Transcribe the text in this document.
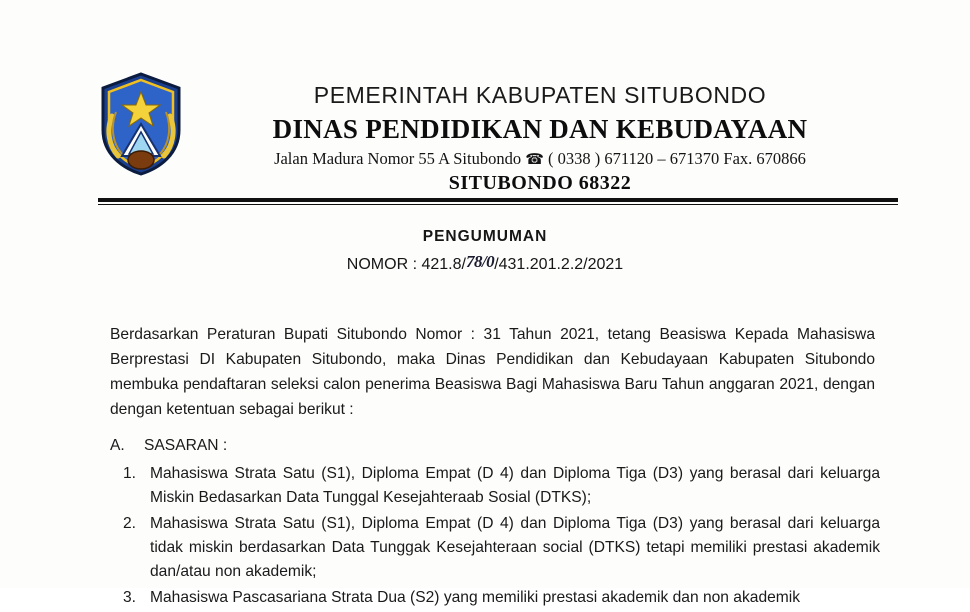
PEMERINTAH KABUPATEN SITUBONDO
DINAS PENDIDIKAN DAN KEBUDAYAAN
Jalan Madura Nomor 55 A Situbondo ☎ ( 0338 ) 671120 – 671370 Fax. 670866
SITUBONDO 68322
PENGUMUMAN
NOMOR : 421.8/78/0/431.201.2.2/2021

Berdasarkan Peraturan Bupati Situbondo Nomor : 31 Tahun 2021, tetang Beasiswa Kepada Mahasiswa Berprestasi DI Kabupaten Situbondo, maka Dinas Pendidikan dan Kebudayaan Kabupaten Situbondo membuka pendaftaran seleksi calon penerima Beasiswa Bagi Mahasiswa Baru Tahun anggaran 2021, dengan dengan ketentuan sebagai berikut :

A. SASARAN :
1. Mahasiswa Strata Satu (S1), Diploma Empat (D 4) dan Diploma Tiga (D3) yang berasal dari keluarga Miskin Bedasarkan Data Tunggal Kesejahteraab Sosial (DTKS);
2. Mahasiswa Strata Satu (S1), Diploma Empat (D 4) dan Diploma Tiga (D3) yang berasal dari keluarga tidak miskin berdasarkan Data Tunggak Kesejahteraan social (DTKS) tetapi memiliki prestasi akademik dan/atau non akademik;
3. Mahasiswa Pascasariana Strata Dua (S2) yang memiliki prestasi akademik dan non akademik
